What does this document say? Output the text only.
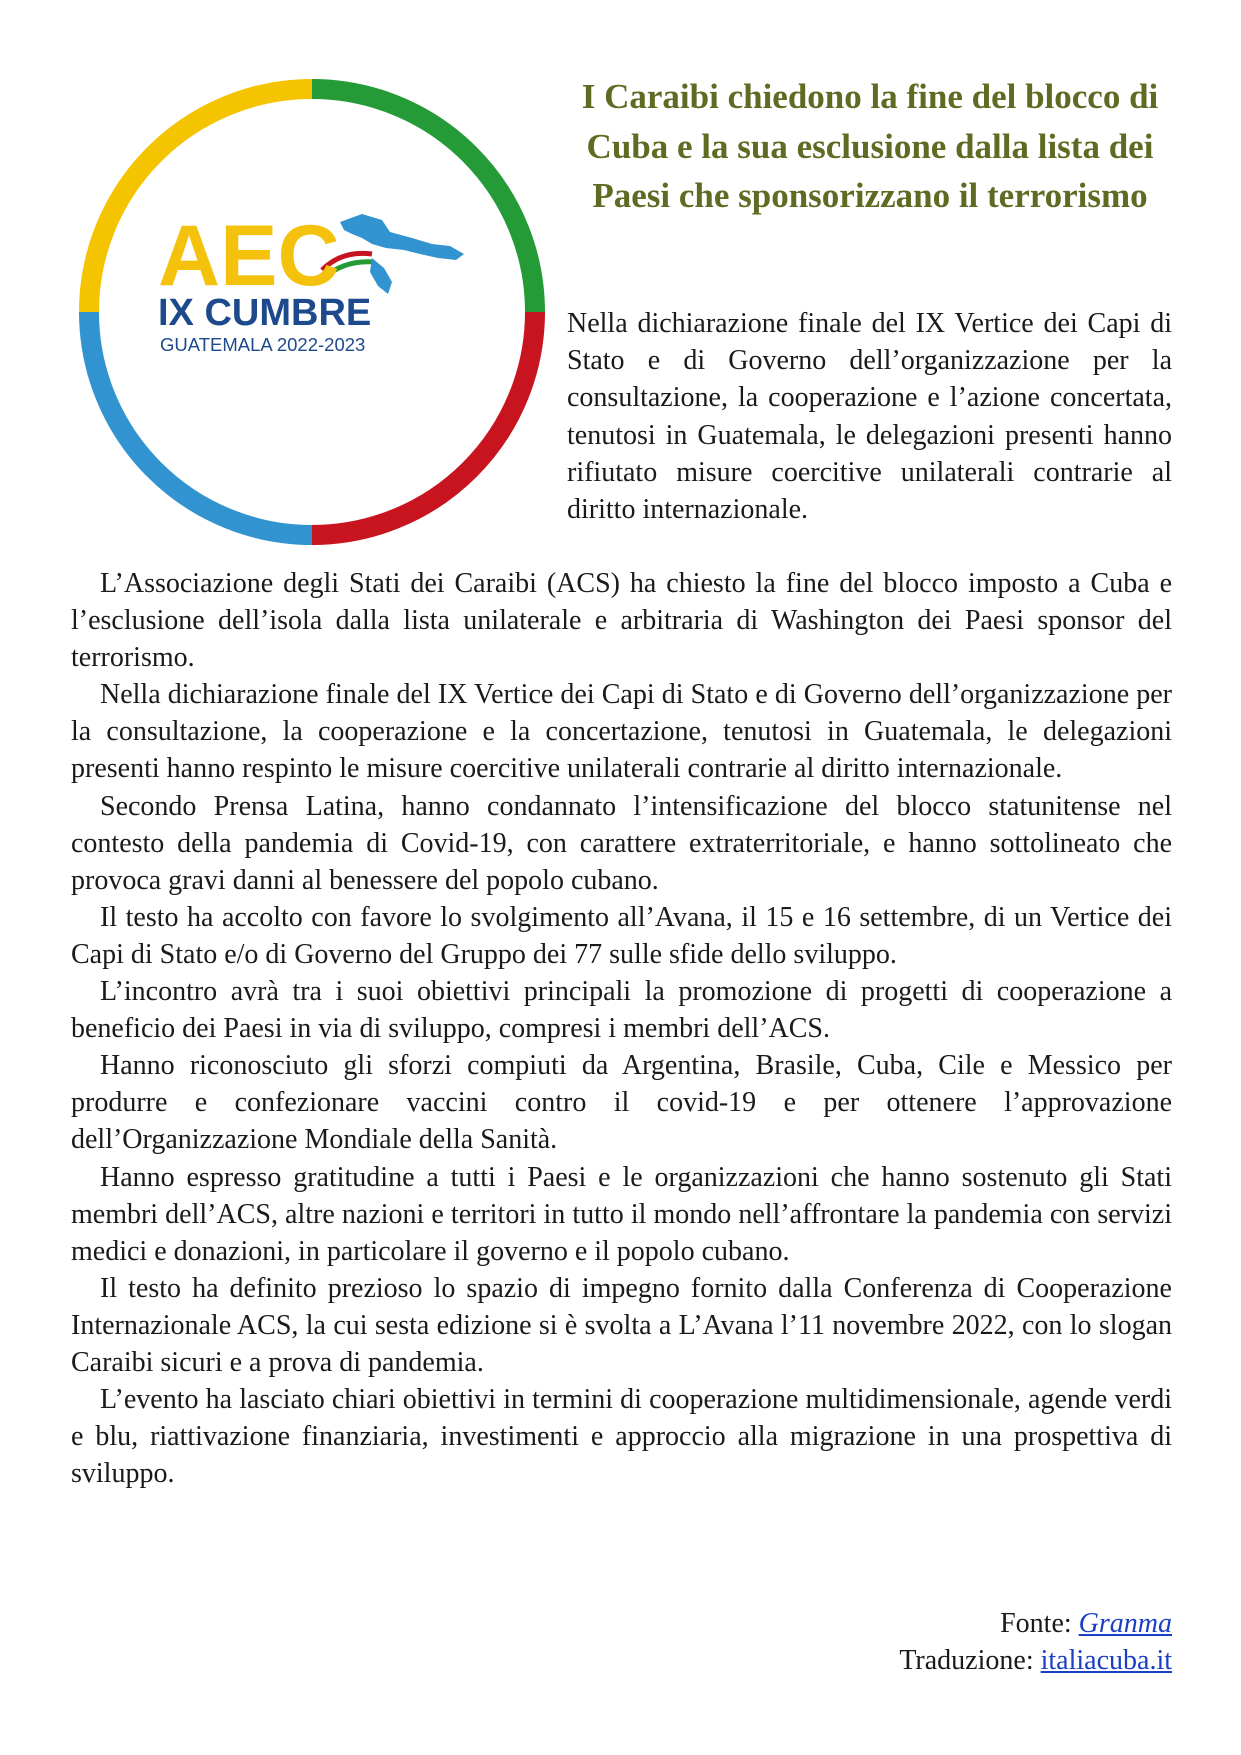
AEC
IX CUMBRE
GUATEMALA 2022-2023
I Caraibi chiedono la fine del blocco di Cuba e la sua esclusione dalla lista dei Paesi che sponsorizzano il terrorismo

Nella dichiarazione finale del IX Vertice dei Capi di Stato e di Governo dell’organizzazione per la consultazione, la cooperazione e l’azione concertata, tenutosi in Guatemala, le delegazioni presenti hanno rifiutato misure coercitive unilaterali contrarie al diritto internazionale.

L’Associazione degli Stati dei Caraibi (ACS) ha chiesto la fine del blocco imposto a Cuba e l’esclusione dell’isola dalla lista unilaterale e arbitraria di Washington dei Paesi sponsor del terrorismo.

Nella dichiarazione finale del IX Vertice dei Capi di Stato e di Governo dell’organizzazione per la consultazione, la cooperazione e la concertazione, tenutosi in Guatemala, le delegazioni presenti hanno respinto le misure coercitive unilaterali contrarie al diritto internazionale.

Secondo Prensa Latina, hanno condannato l’intensificazione del blocco statunitense nel contesto della pandemia di Covid-19, con carattere extraterritoriale, e hanno sottolineato che provoca gravi danni al benessere del popolo cubano.

Il testo ha accolto con favore lo svolgimento all’Avana, il 15 e 16 settembre, di un Vertice dei Capi di Stato e/o di Governo del Gruppo dei 77 sulle sfide dello sviluppo.

L’incontro avrà tra i suoi obiettivi principali la promozione di progetti di cooperazione a beneficio dei Paesi in via di sviluppo, compresi i membri dell’ACS.

Hanno riconosciuto gli sforzi compiuti da Argentina, Brasile, Cuba, Cile e Messico per produrre e confezionare vaccini contro il covid-19 e per ottenere l’approvazione dell’Organizzazione Mondiale della Sanità.

Hanno espresso gratitudine a tutti i Paesi e le organizzazioni che hanno sostenuto gli Stati membri dell’ACS, altre nazioni e territori in tutto il mondo nell’affrontare la pandemia con servizi medici e donazioni, in particolare il governo e il popolo cubano.

Il testo ha definito prezioso lo spazio di impegno fornito dalla Conferenza di Cooperazione Internazionale ACS, la cui sesta edizione si è svolta a L’Avana l’11 novembre 2022, con lo slogan Caraibi sicuri e a prova di pandemia.

L’evento ha lasciato chiari obiettivi in termini di cooperazione multidimensionale, agende verdi e blu, riattivazione finanziaria, investimenti e approccio alla migrazione in una prospettiva di sviluppo.

Fonte: Granma
Traduzione: italiacuba.it
